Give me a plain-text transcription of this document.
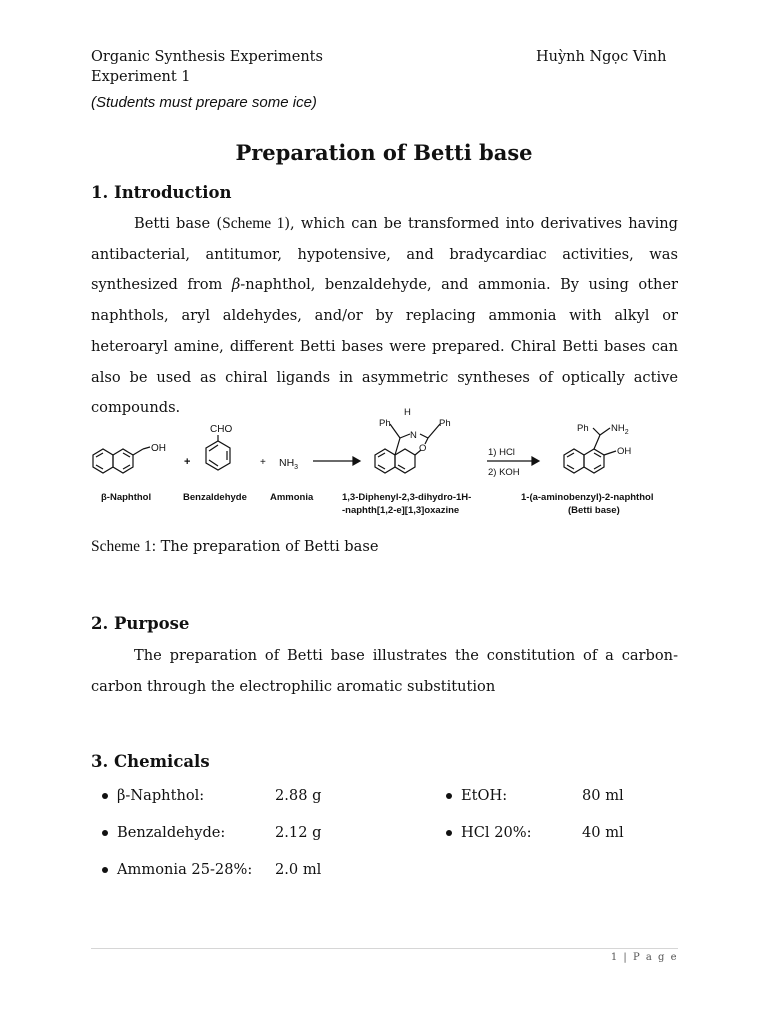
Organic Synthesis Experiments
Experiment 1
Huỳnh Ngọc Vinh
(Students must prepare some ice)
Preparation of Betti base
1. Introduction
Betti base (Scheme 1), which can be transformed into derivatives having antibacterial, antitumor, hypotensive, and bradycardiac activities, was synthesized from β-naphthol, benzaldehyde, and ammonia. By using other naphthols, aryl aldehydes, and/or by replacing ammonia with alkyl or heteroaryl amine, different Betti bases were prepared. Chiral Betti bases can also be used as chiral ligands in asymmetric syntheses of optically active compounds.
OH
CHO
+	+ $NH_3$
Ph
H
N
Ph
O	1) HCl
2) KOH
Ph $NH_2$
OH
β-Naphthol	Benzaldehyde Ammonia	1,3-Diphenyl-2,3-dihydro-1H-
-naphth[1,2-e][1,3]oxazine
1-(a-aminobenzyl)-2-naphthol
(Betti base)
Scheme 1: The preparation of Betti base
2. Purpose
The preparation of Betti base illustrates the constitution of a carbon-carbon through the electrophilic aromatic substitution
3. Chemicals
β-Naphthol:	2.88 g
Benzaldehyde:	2.12 g
Ammonia 25-28%: 2.0 ml
EtOH:	80 ml
HCl 20%:	40 ml
1 | P a g e
